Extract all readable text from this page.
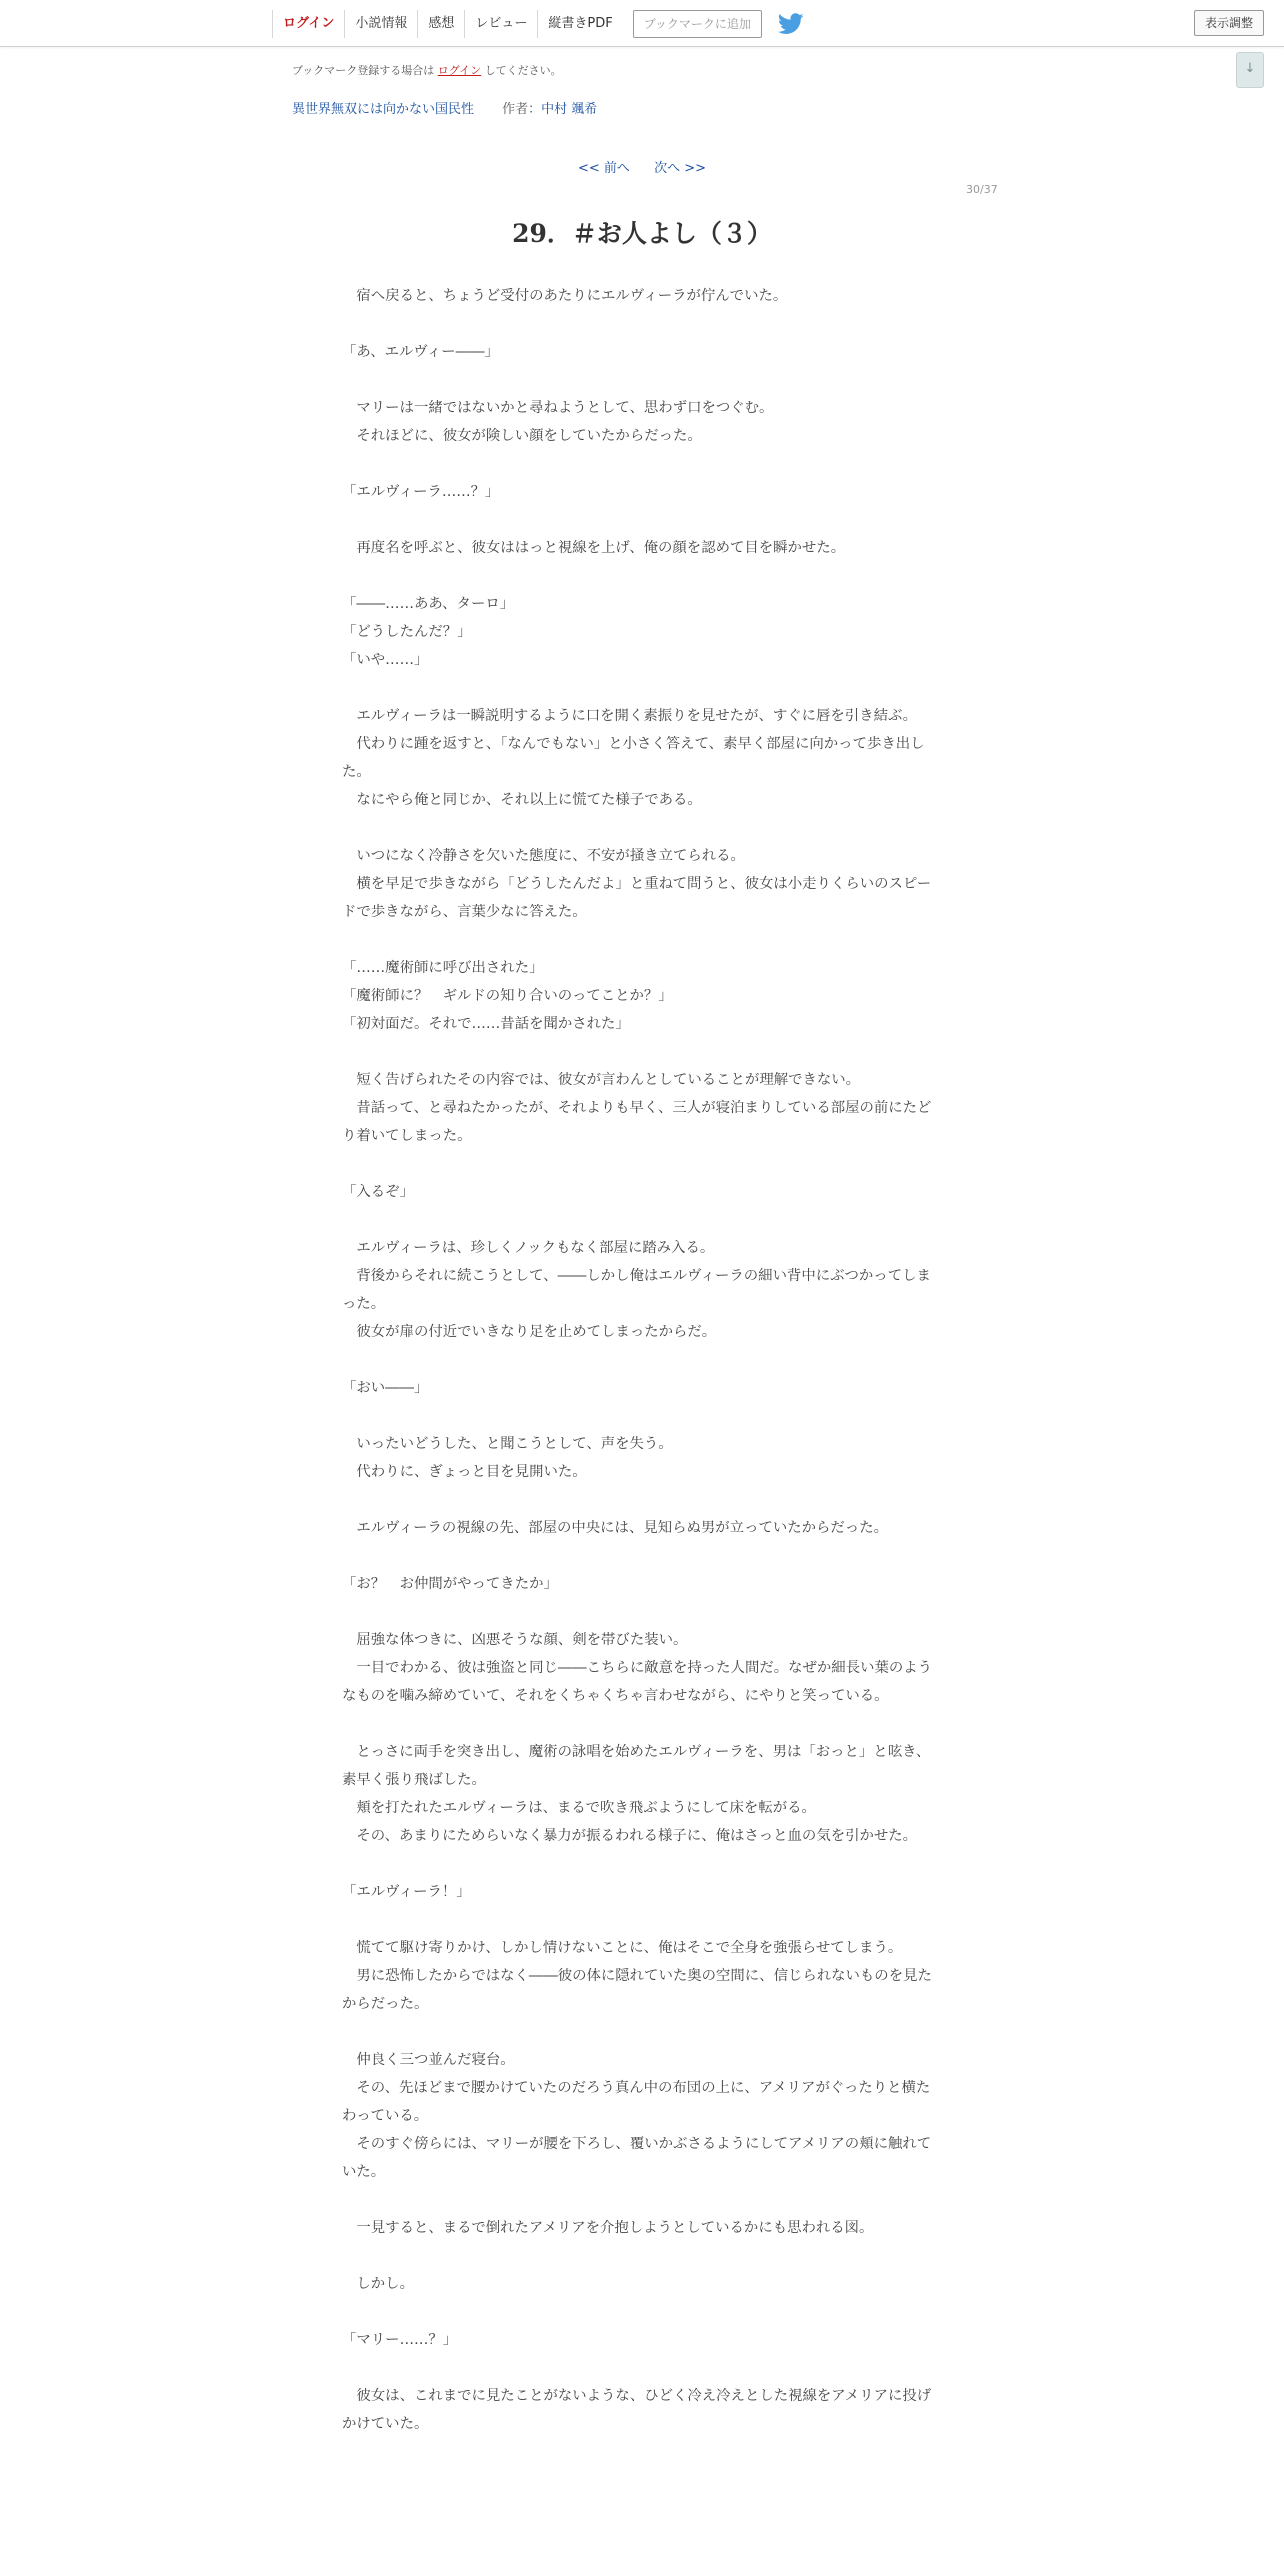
ログイン	小説情報	感想	レビュー	縦書きPDF	ブックマークに追加	表示調整
↓
ブックマーク登録する場合は ログイン してください。
異世界無双には向かない国民性 作者：中村 颯希
<< 前へ 次へ >>
30/37
29．＃お人よし（３）

　宿へ戻ると、ちょうど受付のあたりにエルヴィーラが佇んでいた。

「あ、エルヴィー――」

　マリーは一緒ではないかと尋ねようとして、思わず口をつぐむ。

　それほどに、彼女が険しい顔をしていたからだった。

「エルヴィーラ……？」

　再度名を呼ぶと、彼女ははっと視線を上げ、俺の顔を認めて目を瞬かせた。

「――……ああ、ターロ」

「どうしたんだ？」

「いや……」

　エルヴィーラは一瞬説明するように口を開く素振りを見せたが、すぐに唇を引き結ぶ。

　代わりに踵を返すと、「なんでもない」と小さく答えて、素早く部屋に向かって歩き出した。

　なにやら俺と同じか、それ以上に慌てた様子である。

　いつになく冷静さを欠いた態度に、不安が掻き立てられる。

　横を早足で歩きながら「どうしたんだよ」と重ねて問うと、彼女は小走りくらいのスピードで歩きながら、言葉少なに答えた。

「……魔術師に呼び出された」

「魔術師に？　ギルドの知り合いのってことか？」

「初対面だ。それで……昔話を聞かされた」

　短く告げられたその内容では、彼女が言わんとしていることが理解できない。

　昔話って、と尋ねたかったが、それよりも早く、三人が寝泊まりしている部屋の前にたどり着いてしまった。

「入るぞ」

　エルヴィーラは、珍しくノックもなく部屋に踏み入る。

　背後からそれに続こうとして、――しかし俺はエルヴィーラの細い背中にぶつかってしまった。

　彼女が扉の付近でいきなり足を止めてしまったからだ。

「おい――」

　いったいどうした、と聞こうとして、声を失う。

　代わりに、ぎょっと目を見開いた。

　エルヴィーラの視線の先、部屋の中央には、見知らぬ男が立っていたからだった。

「お？　お仲間がやってきたか」

　屈強な体つきに、凶悪そうな顔、剣を帯びた装い。

　一目でわかる、彼は強盗と同じ――こちらに敵意を持った人間だ。なぜか細長い葉のようなものを噛み締めていて、それをくちゃくちゃ言わせながら、にやりと笑っている。

　とっさに両手を突き出し、魔術の詠唱を始めたエルヴィーラを、男は「おっと」と呟き、素早く張り飛ばした。

　頬を打たれたエルヴィーラは、まるで吹き飛ぶようにして床を転がる。

　その、あまりにためらいなく暴力が振るわれる様子に、俺はさっと血の気を引かせた。

「エルヴィーラ！」

　慌てて駆け寄りかけ、しかし情けないことに、俺はそこで全身を強張らせてしまう。

　男に恐怖したからではなく――彼の体に隠れていた奥の空間に、信じられないものを見たからだった。

　仲良く三つ並んだ寝台。

　その、先ほどまで腰かけていたのだろう真ん中の布団の上に、アメリアがぐったりと横たわっている。

　そのすぐ傍らには、マリーが腰を下ろし、覆いかぶさるようにしてアメリアの頬に触れていた。

　一見すると、まるで倒れたアメリアを介抱しようとしているかにも思われる図。

　しかし。

「マリー……？」

　彼女は、これまでに見たことがないような、ひどく冷え冷えとした視線をアメリアに投げかけていた。
